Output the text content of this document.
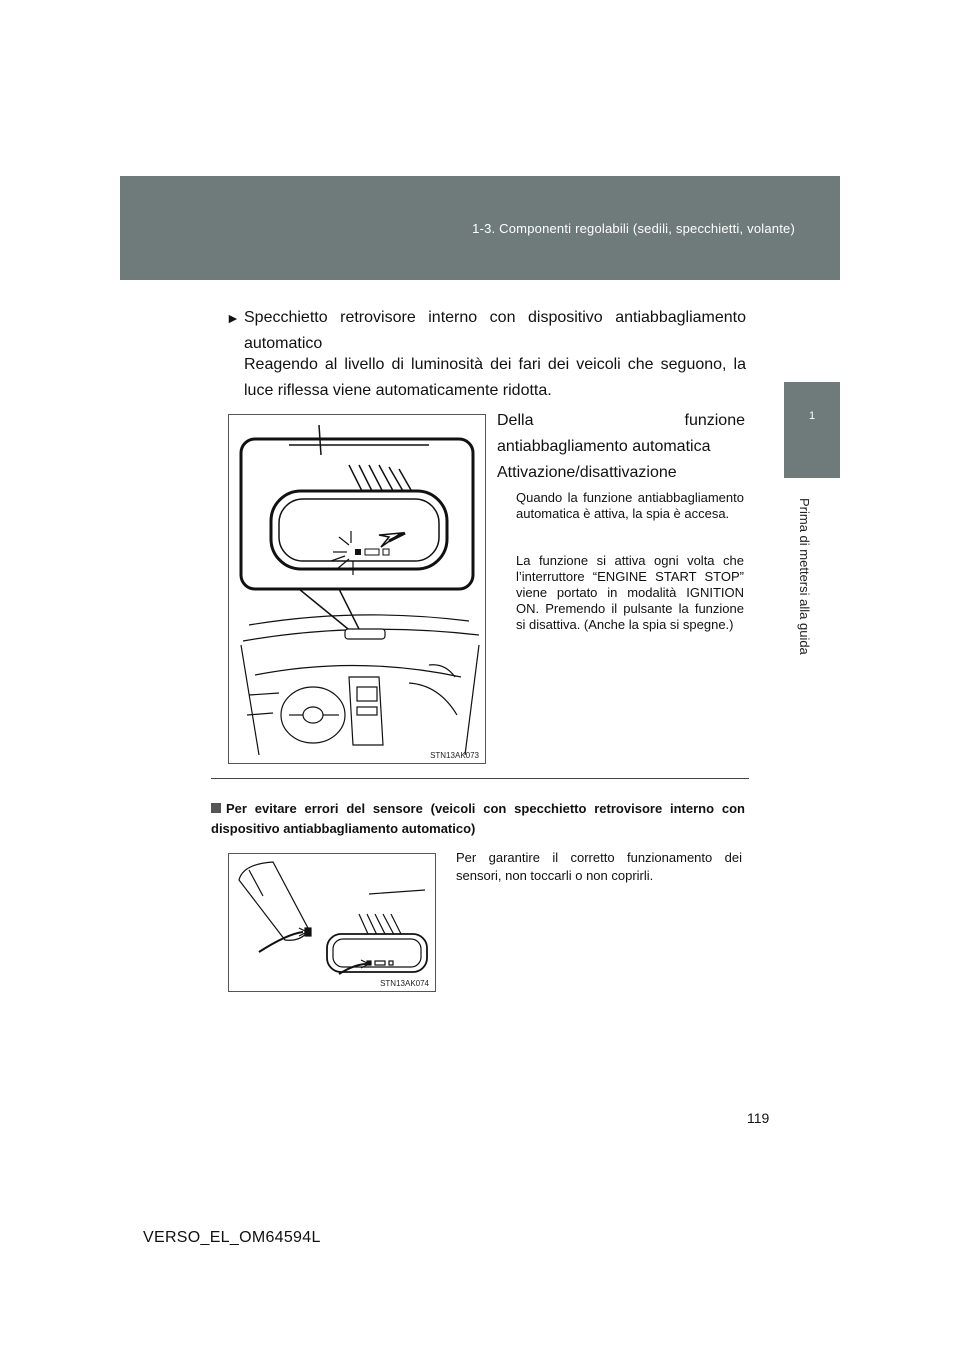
1-3. Componenti regolabili (sedili, specchietti, volante)
1
Prima di mettersi alla guida
► Specchietto retrovisore interno con dispositivo antiabbagliamento automatico
Reagendo al livello di luminosità dei fari dei veicoli che seguono, la luce riflessa viene automaticamente ridotta.
STN13AK073
Della	funzione
antiabbagliamento automatica
Attivazione/disattivazione
Quando la funzione antiabbagliamento automatica è attiva, la spia è accesa.
La funzione si attiva ogni volta che l’interruttore “ENGINE START STOP” viene portato in modalità IGNITION ON. Premendo il pulsante la funzione si disattiva. (Anche la spia si spegne.)
Per evitare errori del sensore (veicoli con specchietto retrovisore interno con dispositivo antiabbagliamento automatico)
STN13AK074
Per garantire il corretto funzionamento dei sensori, non toccarli o non coprirli.
119
VERSO_EL_OM64594L
